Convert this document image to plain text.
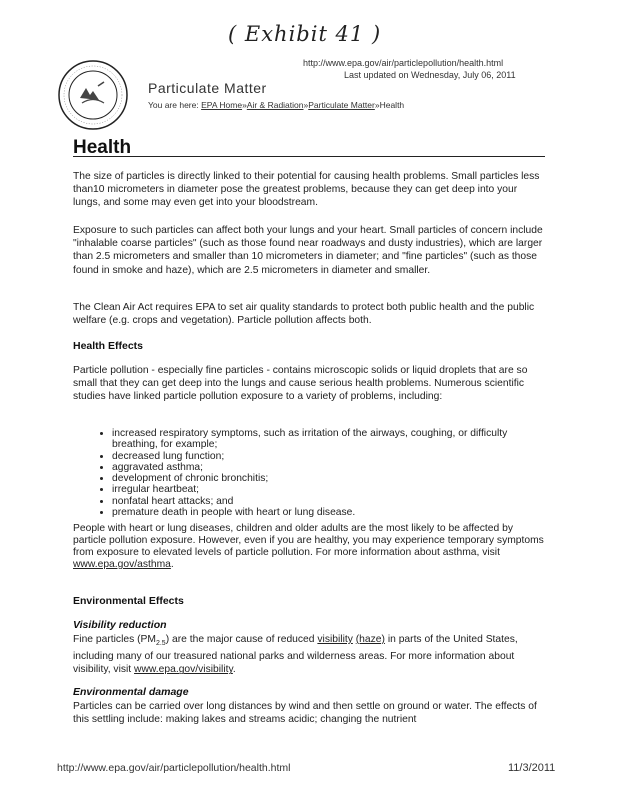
( Exhibit 41 )
http://www.epa.gov/air/particlepollution/health.html
Last updated on Wednesday, July 06, 2011
Particulate Matter
You are here: EPA Home»Air & Radiation»Particulate Matter»Health
Health

The size of particles is directly linked to their potential for causing health problems. Small particles less than10 micrometers in diameter pose the greatest problems, because they can get deep into your lungs, and some may even get into your bloodstream.

Exposure to such particles can affect both your lungs and your heart. Small particles of concern include "inhalable coarse particles" (such as those found near roadways and dusty industries), which are larger than 2.5 micrometers and smaller than 10 micrometers in diameter; and "fine particles" (such as those found in smoke and haze), which are 2.5 micrometers in diameter and smaller.

The Clean Air Act requires EPA to set air quality standards to protect both public health and the public welfare (e.g. crops and vegetation). Particle pollution affects both.

Health Effects

Particle pollution - especially fine particles - contains microscopic solids or liquid droplets that are so small that they can get deep into the lungs and cause serious health problems. Numerous scientific studies have linked particle pollution exposure to a variety of problems, including:

• increased respiratory symptoms, such as irritation of the airways, coughing, or difficulty breathing, for example;
• decreased lung function;
• aggravated asthma;
• development of chronic bronchitis;
• irregular heartbeat;
• nonfatal heart attacks; and
• premature death in people with heart or lung disease.

People with heart or lung diseases, children and older adults are the most likely to be affected by particle pollution exposure. However, even if you are healthy, you may experience temporary symptoms from exposure to elevated levels of particle pollution. For more information about asthma, visit www.epa.gov/asthma.

Environmental Effects
Visibility reduction

Fine particles $(PM_{2.5})$ are the major cause of reduced visibility (haze) in parts of the United States, including many of our treasured national parks and wilderness areas. For more information about visibility, visit www.epa.gov/visibility.

Environmental damage

Particles can be carried over long distances by wind and then settle on ground or water. The effects of this settling include: making lakes and streams acidic; changing the nutrient

http://www.epa.gov/air/particlepollution/health.html	11/3/2011
